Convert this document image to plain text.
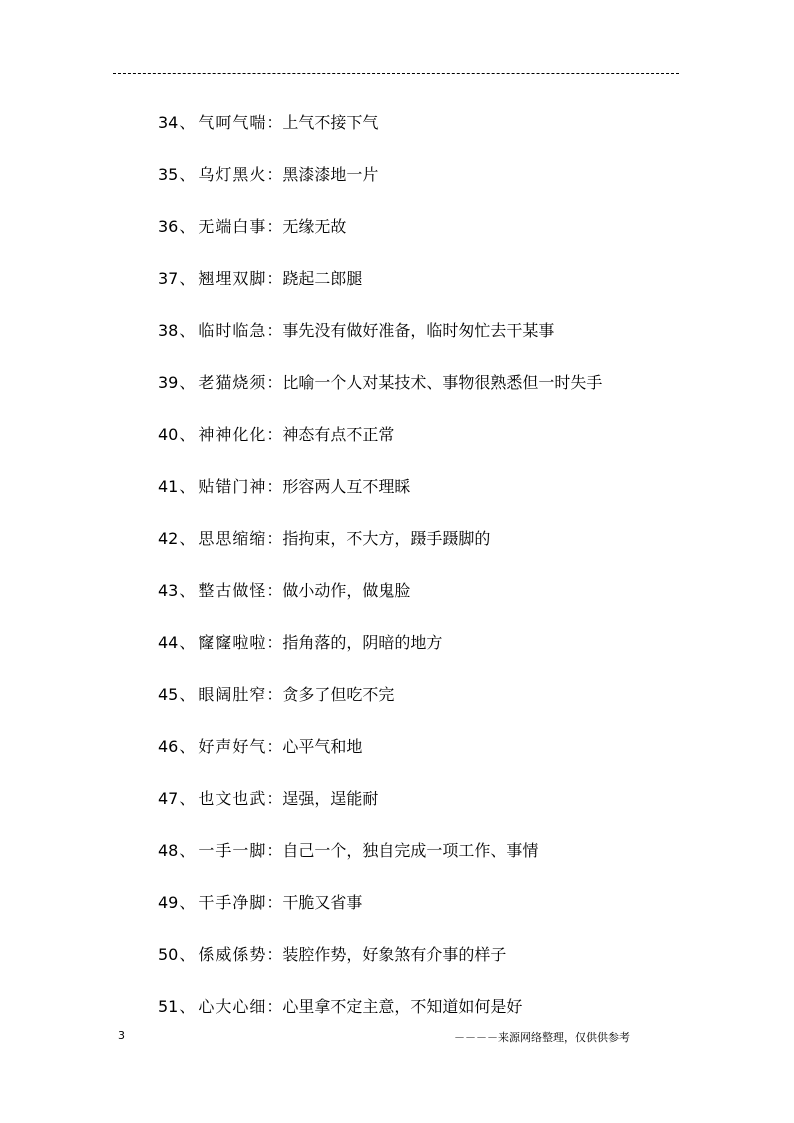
34、 气呵气喘：上气不接下气
35、 乌灯黑火：黑漆漆地一片
36、 无端白事：无缘无故
37、 翘埋双脚：跷起二郎腿
38、 临时临急：事先没有做好准备，临时匆忙去干某事
39、 老猫烧须：比喻一个人对某技术、事物很熟悉但一时失手
40、 神神化化：神态有点不正常
41、 贴错门神：形容两人互不理睬
42、 思思缩缩：指拘束，不大方，蹑手蹑脚的
43、 整古做怪：做小动作，做鬼脸
44、 窿窿啦啦：指角落的，阴暗的地方
45、 眼阔肚窄：贪多了但吃不完
46、 好声好气：心平气和地
47、 也文也武：逞强，逞能耐
48、 一手一脚：自己一个，独自完成一项工作、事情
49、 干手净脚：干脆又省事
50、 係威係势：装腔作势，好象煞有介事的样子
51、 心大心细：心里拿不定主意，不知道如何是好
3	－－－－来源网络整理，仅供供参考
